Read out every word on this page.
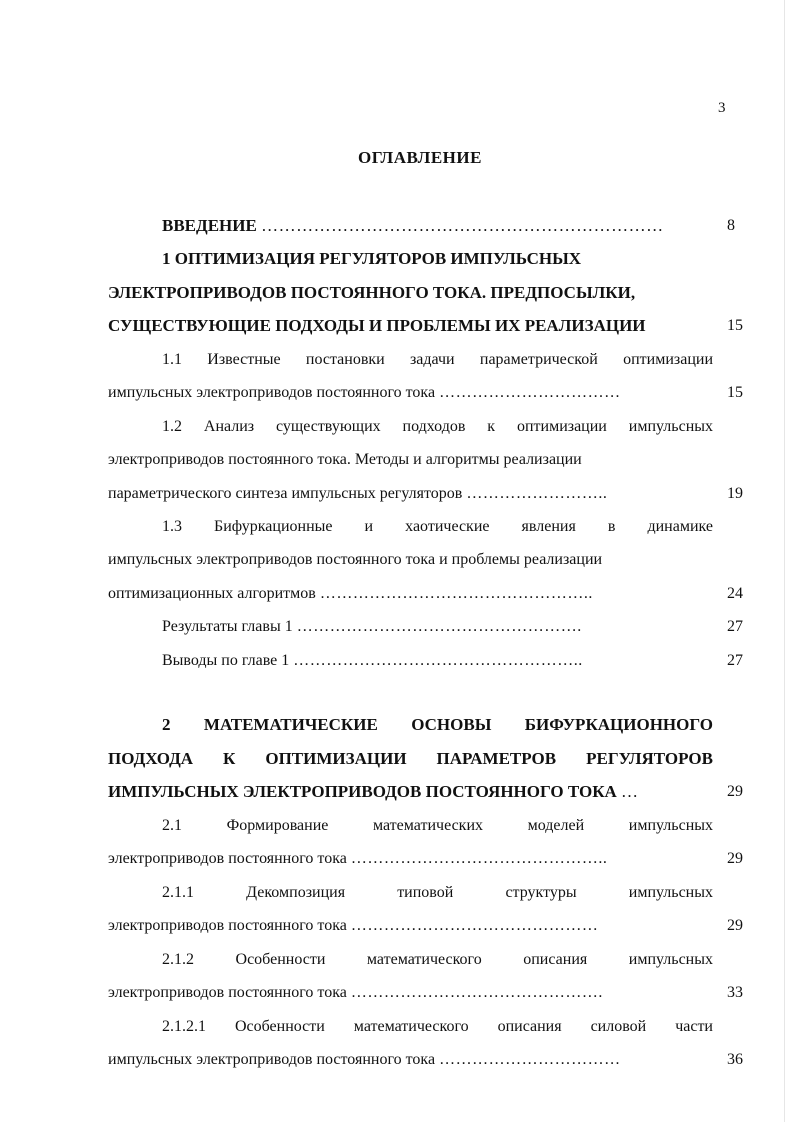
3
ОГЛАВЛЕНИЕ
ВВЕДЕНИЕ ……………………………………………………………	8
1 ОПТИМИЗАЦИЯ РЕГУЛЯТОРОВ ИМПУЛЬСНЫХ
ЭЛЕКТРОПРИВОДОВ ПОСТОЯННОГО ТОКА. ПРЕДПОСЫЛКИ,
СУЩЕСТВУЮЩИЕ ПОДХОДЫ И ПРОБЛЕМЫ ИХ РЕАЛИЗАЦИИ	15
1.1 Известные постановки задачи параметрической оптимизации
импульсных электроприводов постоянного тока ……………………………	15
1.2 Анализ существующих подходов к оптимизации импульсных
электроприводов постоянного тока. Методы и алгоритмы реализации
параметрического синтеза импульсных регуляторов ……………………..	19
1.3 Бифуркационные и хаотические явления в динамике
импульсных электроприводов постоянного тока и проблемы реализации
оптимизационных алгоритмов …………………………………………..	24
Результаты главы 1 …………………………………………….	27
Выводы по главе 1 ……………………………………………..	27
2 МАТЕМАТИЧЕСКИЕ ОСНОВЫ БИФУРКАЦИОННОГО
ПОДХОДА К ОПТИМИЗАЦИИ ПАРАМЕТРОВ РЕГУЛЯТОРОВ
ИМПУЛЬСНЫХ ЭЛЕКТРОПРИВОДОВ ПОСТОЯННОГО ТОКА …	29
2.1 Формирование математических моделей импульсных
электроприводов постоянного тока ………………………………………..	29
2.1.1 Декомпозиция типовой структуры импульсных
электроприводов постоянного тока ………………………………………	29
2.1.2 Особенности математического описания импульсных
электроприводов постоянного тока ……………………………………….	33
2.1.2.1 Особенности математического описания силовой части
импульсных электроприводов постоянного тока ……………………………	36
